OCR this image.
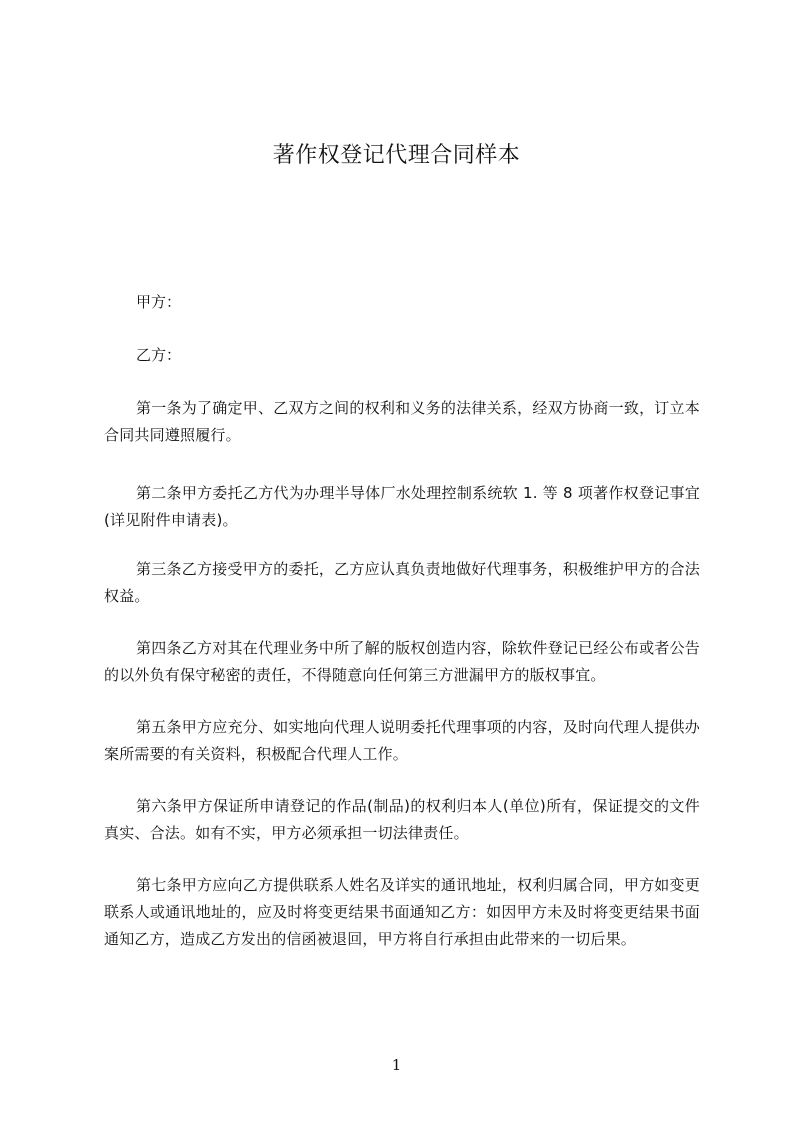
著作权登记代理合同样本

甲方：

乙方：

第一条为了确定甲、乙双方之间的权利和义务的法律关系，经双方协商一致，订立本合同共同遵照履行。

第二条甲方委托乙方代为办理半导体厂水处理控制系统软 1. 等 8 项著作权登记事宜(详见附件申请表)。

第三条乙方接受甲方的委托，乙方应认真负责地做好代理事务，积极维护甲方的合法权益。

第四条乙方对其在代理业务中所了解的版权创造内容，除软件登记已经公布或者公告的以外负有保守秘密的责任，不得随意向任何第三方泄漏甲方的版权事宜。

第五条甲方应充分、如实地向代理人说明委托代理事项的内容，及时向代理人提供办案所需要的有关资料，积极配合代理人工作。

第六条甲方保证所申请登记的作品(制品)的权利归本人(单位)所有，保证提交的文件真实、合法。如有不实，甲方必须承担一切法律责任。

第七条甲方应向乙方提供联系人姓名及详实的通讯地址，权利归属合同，甲方如变更联系人或通讯地址的，应及时将变更结果书面通知乙方：如因甲方未及时将变更结果书面通知乙方，造成乙方发出的信函被退回，甲方将自行承担由此带来的一切后果。

1
